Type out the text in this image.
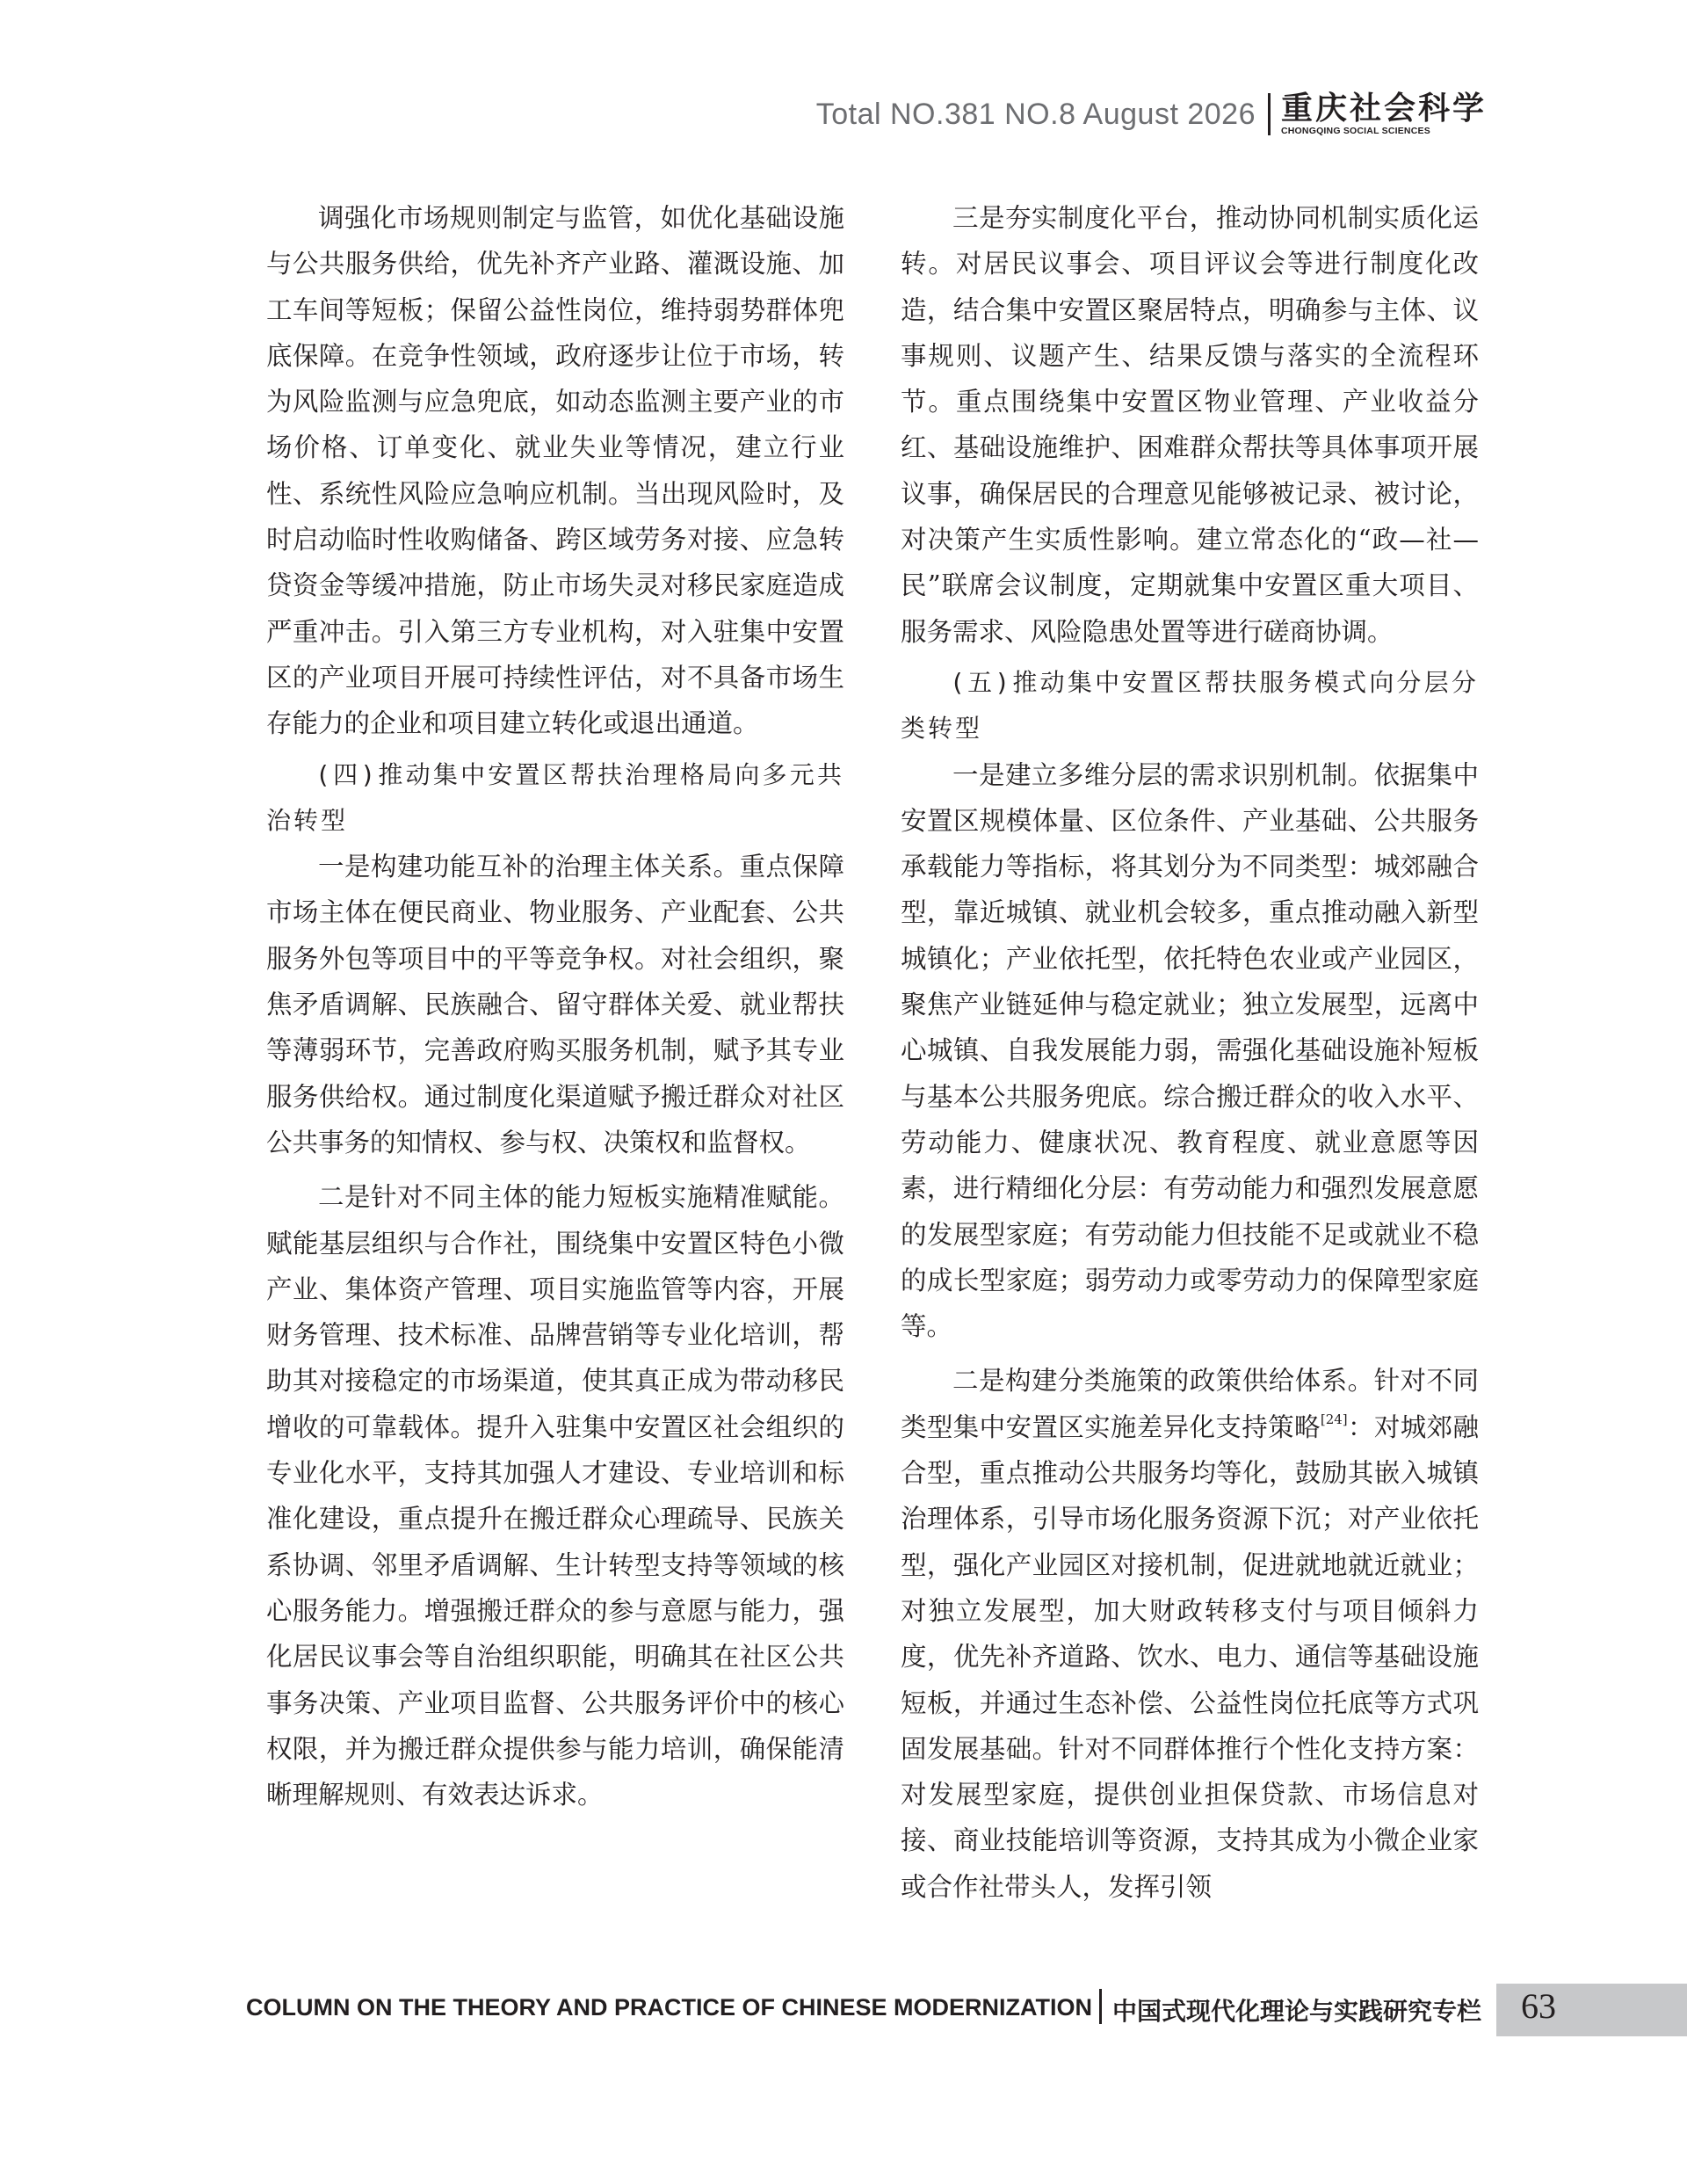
Total NO.381 NO.8 August 2026 重庆社会科学
CHONGQING SOCIAL SCIENCES

调强化市场规则制定与监管，如优化基础设施与公共服务供给，优先补齐产业路、灌溉设施、加工车间等短板；保留公益性岗位，维持弱势群体兜底保障。在竞争性领域，政府逐步让位于市场，转为风险监测与应急兜底，如动态监测主要产业的市场价格、订单变化、就业失业等情况，建立行业性、系统性风险应急响应机制。当出现风险时，及时启动临时性收购储备、跨区域劳务对接、应急转贷资金等缓冲措施，防止市场失灵对移民家庭造成严重冲击。引入第三方专业机构，对入驻集中安置区的产业项目开展可持续性评估，对不具备市场生存能力的企业和项目建立转化或退出通道。

(四)推动集中安置区帮扶治理格局向多元共治转型

一是构建功能互补的治理主体关系。重点保障市场主体在便民商业、物业服务、产业配套、公共服务外包等项目中的平等竞争权。对社会组织，聚焦矛盾调解、民族融合、留守群体关爱、就业帮扶等薄弱环节，完善政府购买服务机制，赋予其专业服务供给权。通过制度化渠道赋予搬迁群众对社区公共事务的知情权、参与权、决策权和监督权。

二是针对不同主体的能力短板实施精准赋能。赋能基层组织与合作社，围绕集中安置区特色小微产业、集体资产管理、项目实施监管等内容，开展财务管理、技术标准、品牌营销等专业化培训，帮助其对接稳定的市场渠道，使其真正成为带动移民增收的可靠载体。提升入驻集中安置区社会组织的专业化水平，支持其加强人才建设、专业培训和标准化建设，重点提升在搬迁群众心理疏导、民族关系协调、邻里矛盾调解、生计转型支持等领域的核心服务能力。增强搬迁群众的参与意愿与能力，强化居民议事会等自治组织职能，明确其在社区公共事务决策、产业项目监督、公共服务评价中的核心权限，并为搬迁群众提供参与能力培训，确保能清晰理解规则、有效表达诉求。

三是夯实制度化平台，推动协同机制实质化运转。对居民议事会、项目评议会等进行制度化改造，结合集中安置区聚居特点，明确参与主体、议事规则、议题产生、结果反馈与落实的全流程环节。重点围绕集中安置区物业管理、产业收益分红、基础设施维护、困难群众帮扶等具体事项开展议事，确保居民的合理意见能够被记录、被讨论，对决策产生实质性影响。建立常态化的“政—社—民”联席会议制度，定期就集中安置区重大项目、服务需求、风险隐患处置等进行磋商协调。

(五)推动集中安置区帮扶服务模式向分层分类转型

一是建立多维分层的需求识别机制。依据集中安置区规模体量、区位条件、产业基础、公共服务承载能力等指标，将其划分为不同类型：城郊融合型，靠近城镇、就业机会较多，重点推动融入新型城镇化；产业依托型，依托特色农业或产业园区，聚焦产业链延伸与稳定就业；独立发展型，远离中心城镇、自我发展能力弱，需强化基础设施补短板与基本公共服务兜底。综合搬迁群众的收入水平、劳动能力、健康状况、教育程度、就业意愿等因素，进行精细化分层：有劳动能力和强烈发展意愿的发展型家庭；有劳动能力但技能不足或就业不稳的成长型家庭；弱劳动力或零劳动力的保障型家庭等。

二是构建分类施策的政策供给体系。针对不同类型集中安置区实施差异化支持策略[24]：对城郊融合型，重点推动公共服务均等化，鼓励其嵌入城镇治理体系，引导市场化服务资源下沉；对产业依托型，强化产业园区对接机制，促进就地就近就业；对独立发展型，加大财政转移支付与项目倾斜力度，优先补齐道路、饮水、电力、通信等基础设施短板，并通过生态补偿、公益性岗位托底等方式巩固发展基础。针对不同群体推行个性化支持方案：对发展型家庭，提供创业担保贷款、市场信息对接、商业技能培训等资源，支持其成为小微企业家或合作社带头人，发挥引领

COLUMN ON THE THEORY AND PRACTICE OF CHINESE MODERNIZATION 中国式现代化理论与实践研究专栏	63
